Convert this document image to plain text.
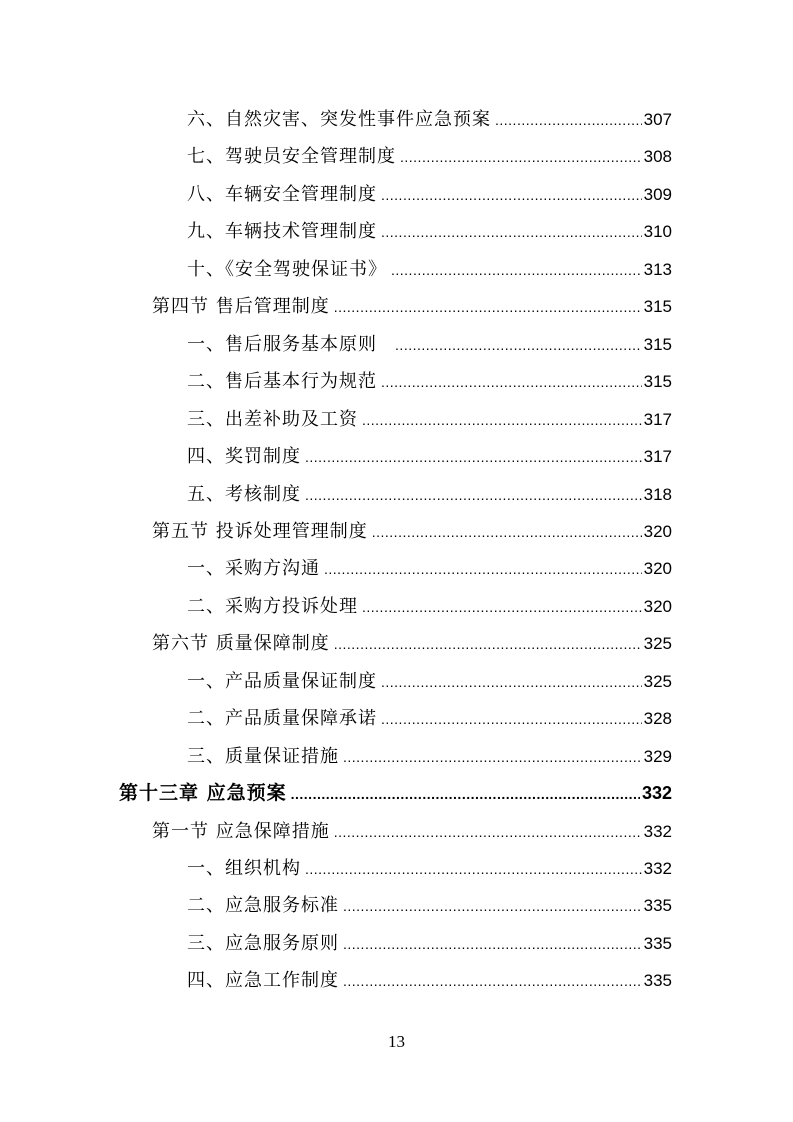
六、自然灾害、突发性事件应急预案 .....	307
七、驾驶员安全管理制度 .....	308
八、车辆安全管理制度 .....	309
九、车辆技术管理制度 .....	310
十、《安全驾驶保证书》 .....	313
第四节 售后管理制度 .....	315
一、售后服务基本原则 .....	315
二、售后基本行为规范 .....	315
三、出差补助及工资 .....	317
四、奖罚制度 .....	317
五、考核制度 .....	318
第五节 投诉处理管理制度 .....	320
一、采购方沟通 .....	320
二、采购方投诉处理 .....	320
第六节 质量保障制度 .....	325
一、产品质量保证制度 .....	325
二、产品质量保障承诺 .....	328
三、质量保证措施 .....	329
第十三章 应急预案 .....	332
第一节 应急保障措施 .....	332
一、组织机构 .....	332
二、应急服务标准 .....	335
三、应急服务原则 .....	335
四、应急工作制度 .....	335
13
